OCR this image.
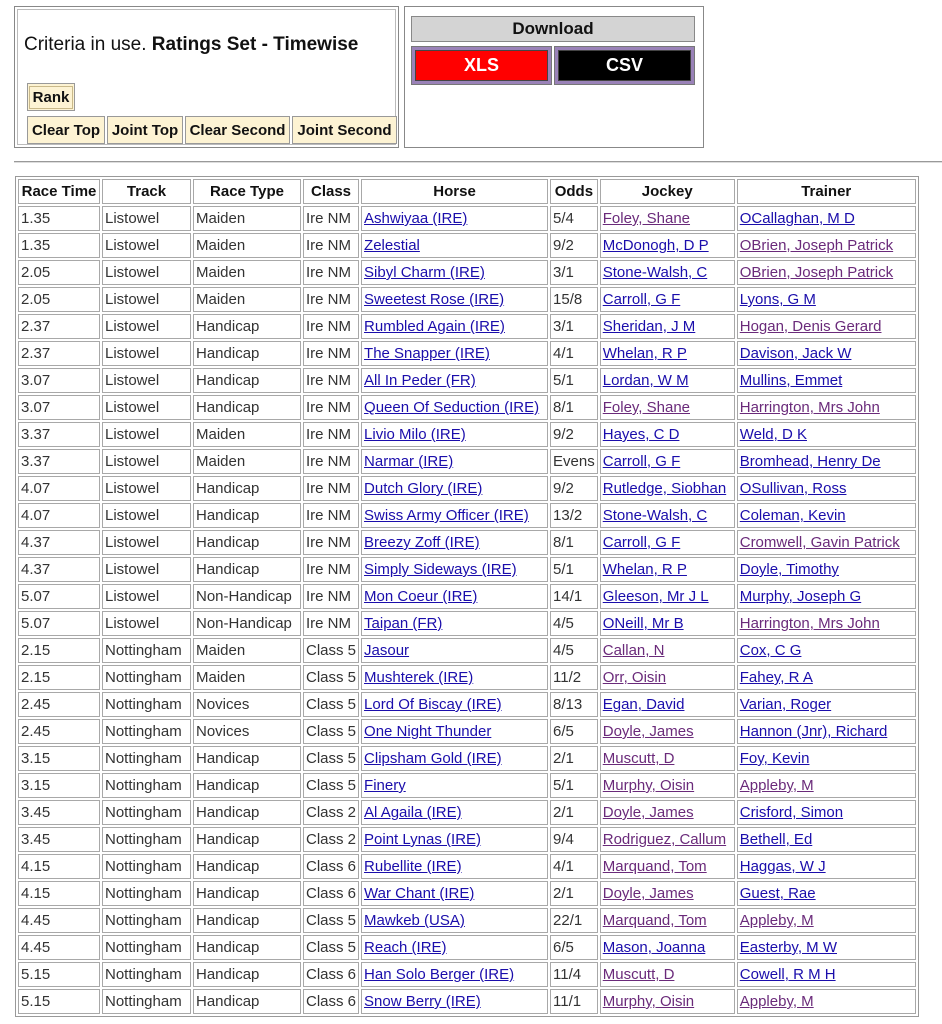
Criteria in use. Ratings Set - Timewise
Rank
Clear Top Joint Top Clear Second Joint Second
Download
XLS	CSV
Race Time	Track	Race Type	Class	Horse	Odds	Jockey	Trainer
1.35	Listowel	Maiden	Ire NM	Ashwiyaa (IRE)	5/4	Foley, Shane	OCallaghan, M D
1.35	Listowel	Maiden	Ire NM	Zelestial	9/2	McDonogh, D P	OBrien, Joseph Patrick
2.05	Listowel	Maiden	Ire NM	Sibyl Charm (IRE)	3/1	Stone-Walsh, C	OBrien, Joseph Patrick
2.05	Listowel	Maiden	Ire NM	Sweetest Rose (IRE)	15/8	Carroll, G F	Lyons, G M
2.37	Listowel	Handicap	Ire NM	Rumbled Again (IRE)	3/1	Sheridan, J M	Hogan, Denis Gerard
2.37	Listowel	Handicap	Ire NM	The Snapper (IRE)	4/1	Whelan, R P	Davison, Jack W
3.07	Listowel	Handicap	Ire NM	All In Peder (FR)	5/1	Lordan, W M	Mullins, Emmet
3.07	Listowel	Handicap	Ire NM	Queen Of Seduction (IRE)	8/1	Foley, Shane	Harrington, Mrs John
3.37	Listowel	Maiden	Ire NM	Livio Milo (IRE)	9/2	Hayes, C D	Weld, D K
3.37	Listowel	Maiden	Ire NM	Narmar (IRE)	Evens	Carroll, G F	Bromhead, Henry De
4.07	Listowel	Handicap	Ire NM	Dutch Glory (IRE)	9/2	Rutledge, Siobhan	OSullivan, Ross
4.07	Listowel	Handicap	Ire NM	Swiss Army Officer (IRE)	13/2	Stone-Walsh, C	Coleman, Kevin
4.37	Listowel	Handicap	Ire NM	Breezy Zoff (IRE)	8/1	Carroll, G F	Cromwell, Gavin Patrick
4.37	Listowel	Handicap	Ire NM	Simply Sideways (IRE)	5/1	Whelan, R P	Doyle, Timothy
5.07	Listowel	Non-Handicap	Ire NM	Mon Coeur (IRE)	14/1	Gleeson, Mr J L	Murphy, Joseph G
5.07	Listowel	Non-Handicap	Ire NM	Taipan (FR)	4/5	ONeill, Mr B	Harrington, Mrs John
2.15	Nottingham	Maiden	Class 5	Jasour	4/5	Callan, N	Cox, C G
2.15	Nottingham	Maiden	Class 5	Mushterek (IRE)	11/2	Orr, Oisin	Fahey, R A
2.45	Nottingham	Novices	Class 5	Lord Of Biscay (IRE)	8/13	Egan, David	Varian, Roger
2.45	Nottingham	Novices	Class 5	One Night Thunder	6/5	Doyle, James	Hannon (Jnr), Richard
3.15	Nottingham	Handicap	Class 5	Clipsham Gold (IRE)	2/1	Muscutt, D	Foy, Kevin
3.15	Nottingham	Handicap	Class 5	Finery	5/1	Murphy, Oisin	Appleby, M
3.45	Nottingham	Handicap	Class 2	Al Agaila (IRE)	2/1	Doyle, James	Crisford, Simon
3.45	Nottingham	Handicap	Class 2	Point Lynas (IRE)	9/4	Rodriguez, Callum	Bethell, Ed
4.15	Nottingham	Handicap	Class 6	Rubellite (IRE)	4/1	Marquand, Tom	Haggas, W J
4.15	Nottingham	Handicap	Class 6	War Chant (IRE)	2/1	Doyle, James	Guest, Rae
4.45	Nottingham	Handicap	Class 5	Mawkeb (USA)	22/1	Marquand, Tom	Appleby, M
4.45	Nottingham	Handicap	Class 5	Reach (IRE)	6/5	Mason, Joanna	Easterby, M W
5.15	Nottingham	Handicap	Class 6	Han Solo Berger (IRE)	11/4	Muscutt, D	Cowell, R M H
5.15	Nottingham	Handicap	Class 6	Snow Berry (IRE)	11/1	Murphy, Oisin	Appleby, M
